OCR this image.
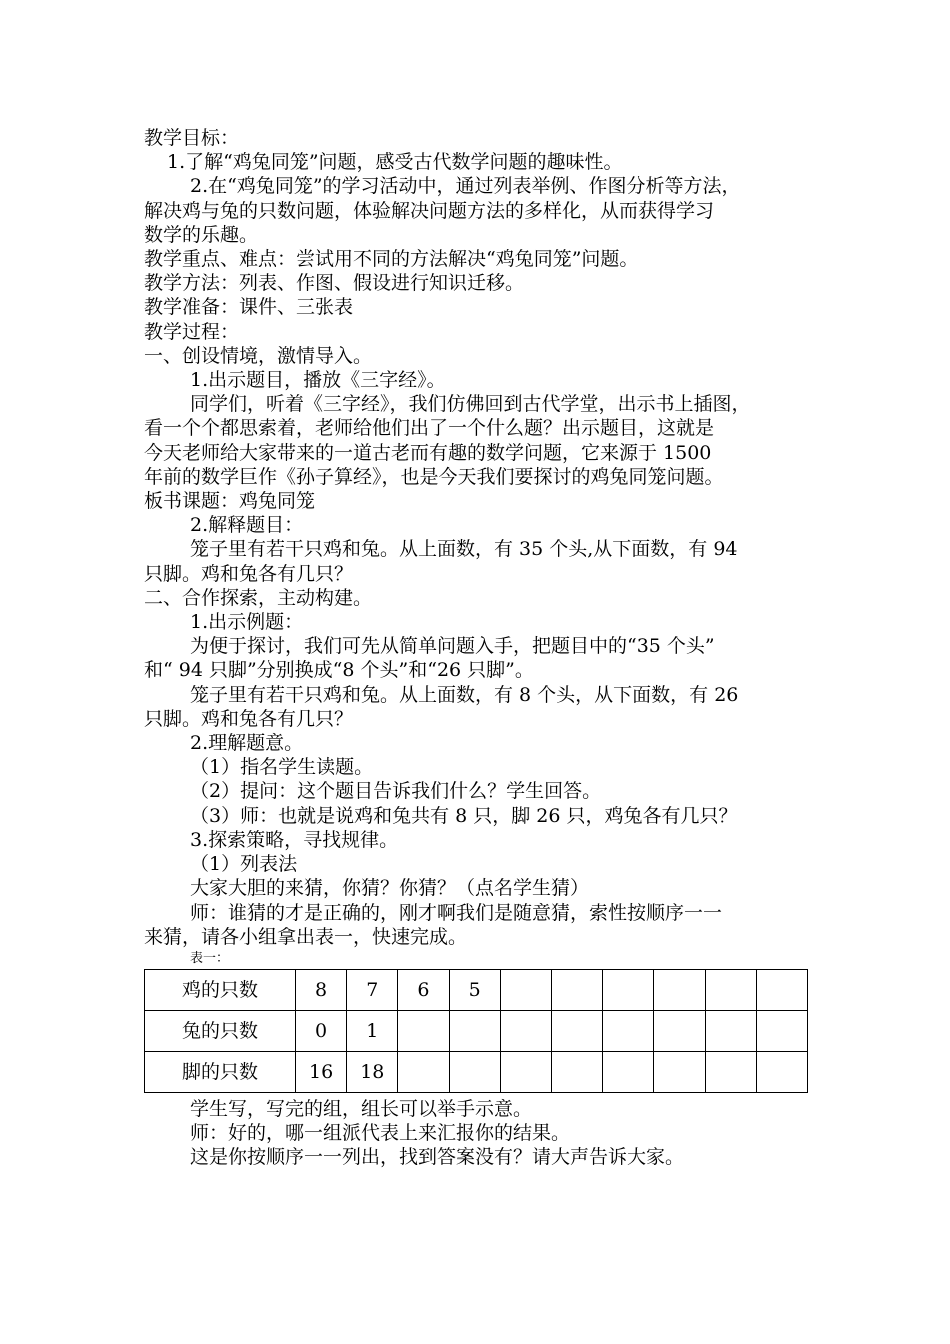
教学目标：
1.了解“鸡兔同笼”问题，感受古代数学问题的趣味性。
2.在“鸡兔同笼”的学习活动中，通过列表举例、作图分析等方法，
解决鸡与兔的只数问题，体验解决问题方法的多样化，从而获得学习
数学的乐趣。
教学重点、难点：尝试用不同的方法解决“鸡兔同笼”问题。
教学方法：列表、作图、假设进行知识迁移。
教学准备：课件、三张表
教学过程：
一、创设情境，激情导入。
1.出示题目，播放《三字经》。
同学们，听着《三字经》，我们仿佛回到古代学堂，出示书上插图，
看一个个都思索着，老师给他们出了一个什么题？出示题目，这就是
今天老师给大家带来的一道古老而有趣的数学问题，它来源于 1500
年前的数学巨作《孙子算经》，也是今天我们要探讨的鸡兔同笼问题。
板书课题：鸡兔同笼
2.解释题目：
笼子里有若干只鸡和兔。从上面数，有 35 个头,从下面数，有 94
只脚。鸡和兔各有几只？
二、合作探索，主动构建。
1.出示例题：
为便于探讨，我们可先从简单问题入手，把题目中的“35 个头”
和“ 94 只脚”分别换成“8 个头”和“26 只脚”。
笼子里有若干只鸡和兔。从上面数，有 8 个头，从下面数，有 26
只脚。鸡和兔各有几只？
2.理解题意。
（1）指名学生读题。
（2）提问：这个题目告诉我们什么？学生回答。
（3）师：也就是说鸡和兔共有 8 只，脚 26 只，鸡兔各有几只？
3.探索策略，寻找规律。
（1）列表法
大家大胆的来猜，你猜？你猜？（点名学生猜）
师：谁猜的才是正确的，刚才啊我们是随意猜，索性按顺序一一
来猜，请各小组拿出表一，快速完成。
表一：
鸡的只数	8	7	6	5						
兔的只数	0	1								
脚的只数	16	18								
学生写，写完的组，组长可以举手示意。
师：好的，哪一组派代表上来汇报你的结果。
这是你按顺序一一列出，找到答案没有？请大声告诉大家。
